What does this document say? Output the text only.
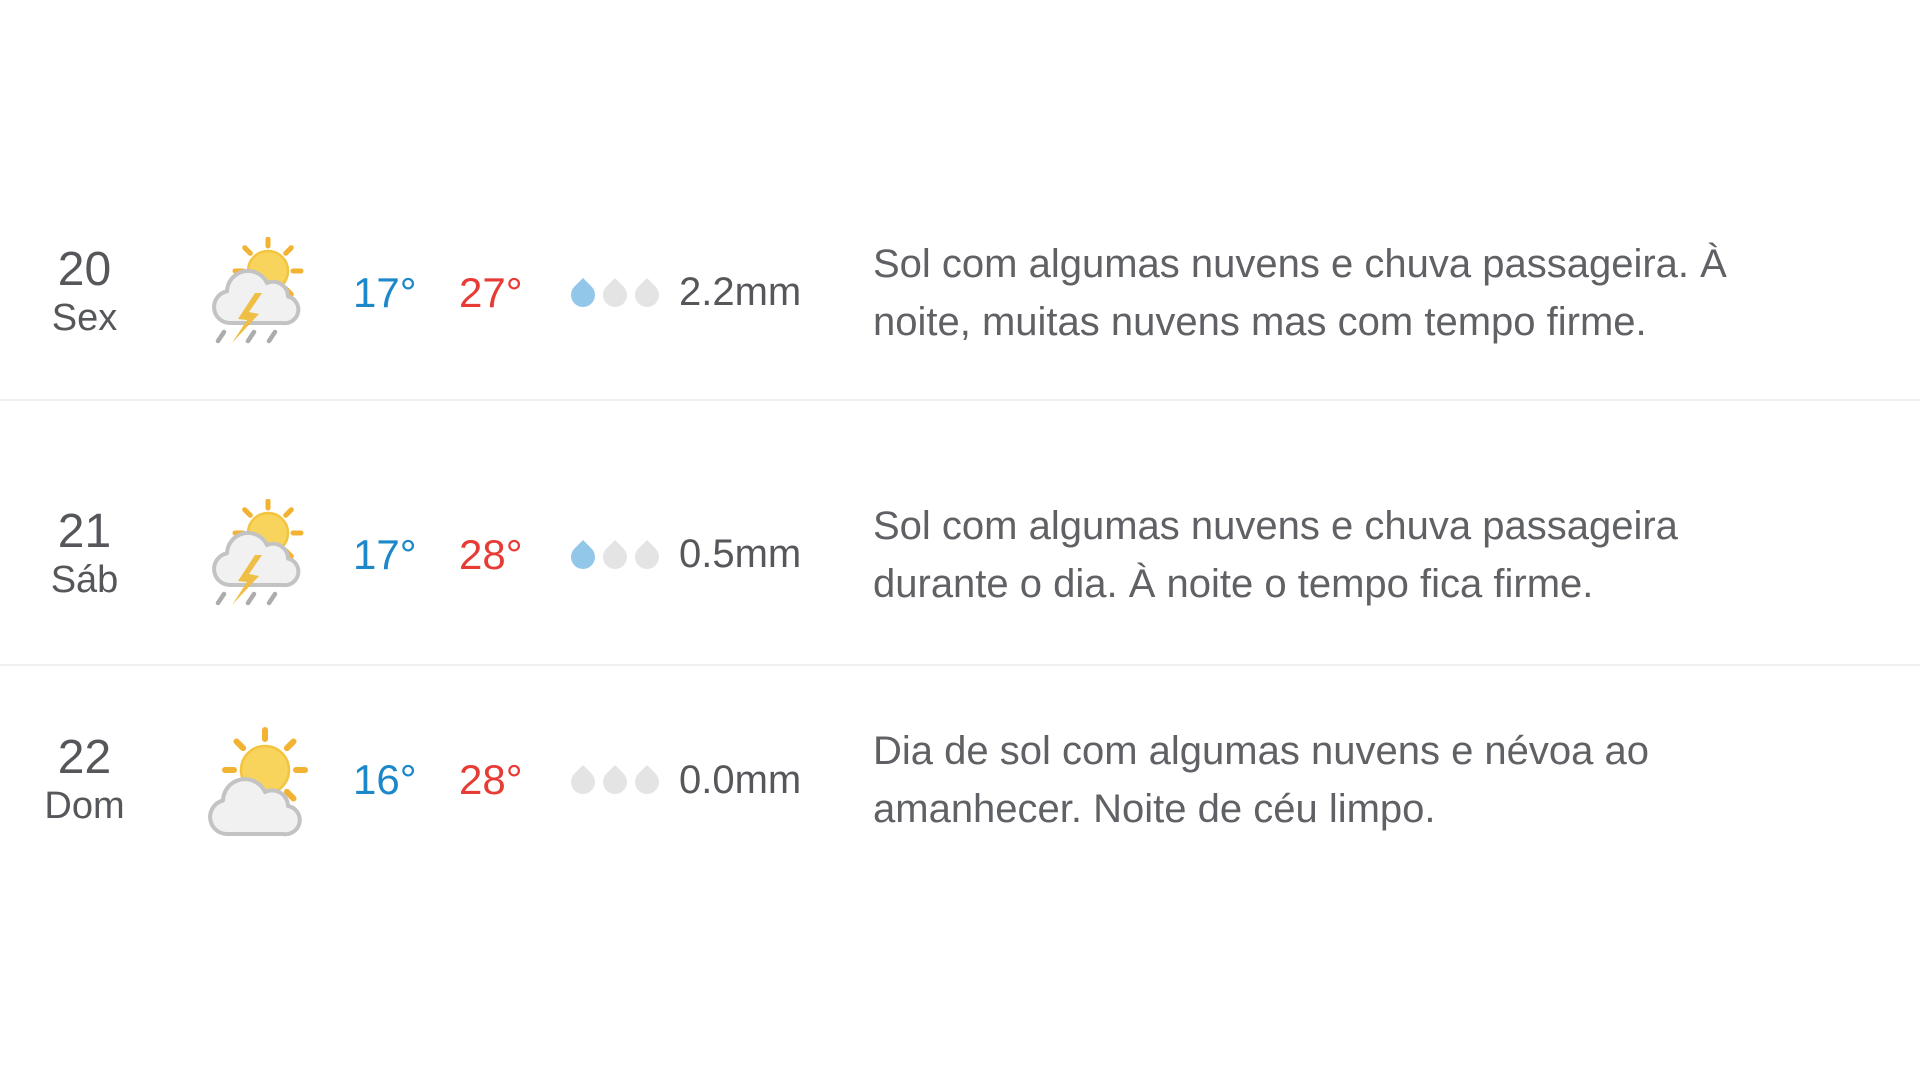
20
Sex
17°	27°	2.2mm
Sol com algumas nuvens e chuva passageira. À
noite, muitas nuvens mas com tempo firme.
21
Sáb
17°	28°	0.5mm
Sol com algumas nuvens e chuva passageira
durante o dia. À noite o tempo fica firme.
22
Dom
16°	28°	0.0mm
Dia de sol com algumas nuvens e névoa ao
amanhecer. Noite de céu limpo.
